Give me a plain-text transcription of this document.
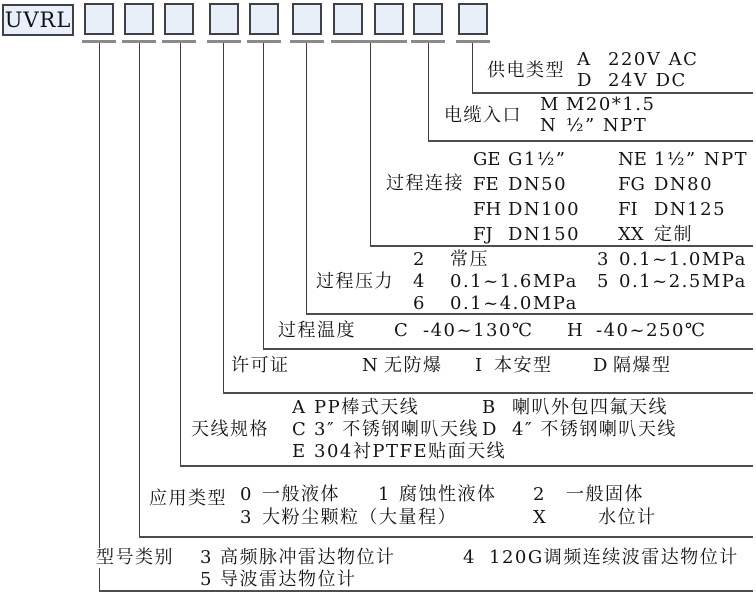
UVRL
供电类型
A 220V AC
D 24V DC
电缆入口
M M20*1.5
N ½” NPT
过程连接
GE G1½”	NE 1½” NPT
FE DN50	FG DN80
FH DN100 FI DN125
FJ DN150 XX 定制
过程压力
2 常压	3 0.1~1.0MPa
4 0.1~1.6MPa 5 0.1~2.5MPa
6 0.1~4.0MPa
过程温度 C -40~130℃ H -40~250℃
许可证	N 无防爆 I 本安型 D 隔爆型
天线规格
A PP棒式天线	B 喇叭外包四氟天线
C 3″ 不锈钢喇叭天线 D 4″ 不锈钢喇叭天线
E 304衬PTFE贴面天线
应用类型 0 一般液体 1 腐蚀性液体 2 一般固体
3 大粉尘颗粒（大量程）	X	水位计
型号类别 3 高频脉冲雷达物位计	4 120G调频连续波雷达物位计
5 导波雷达物位计
